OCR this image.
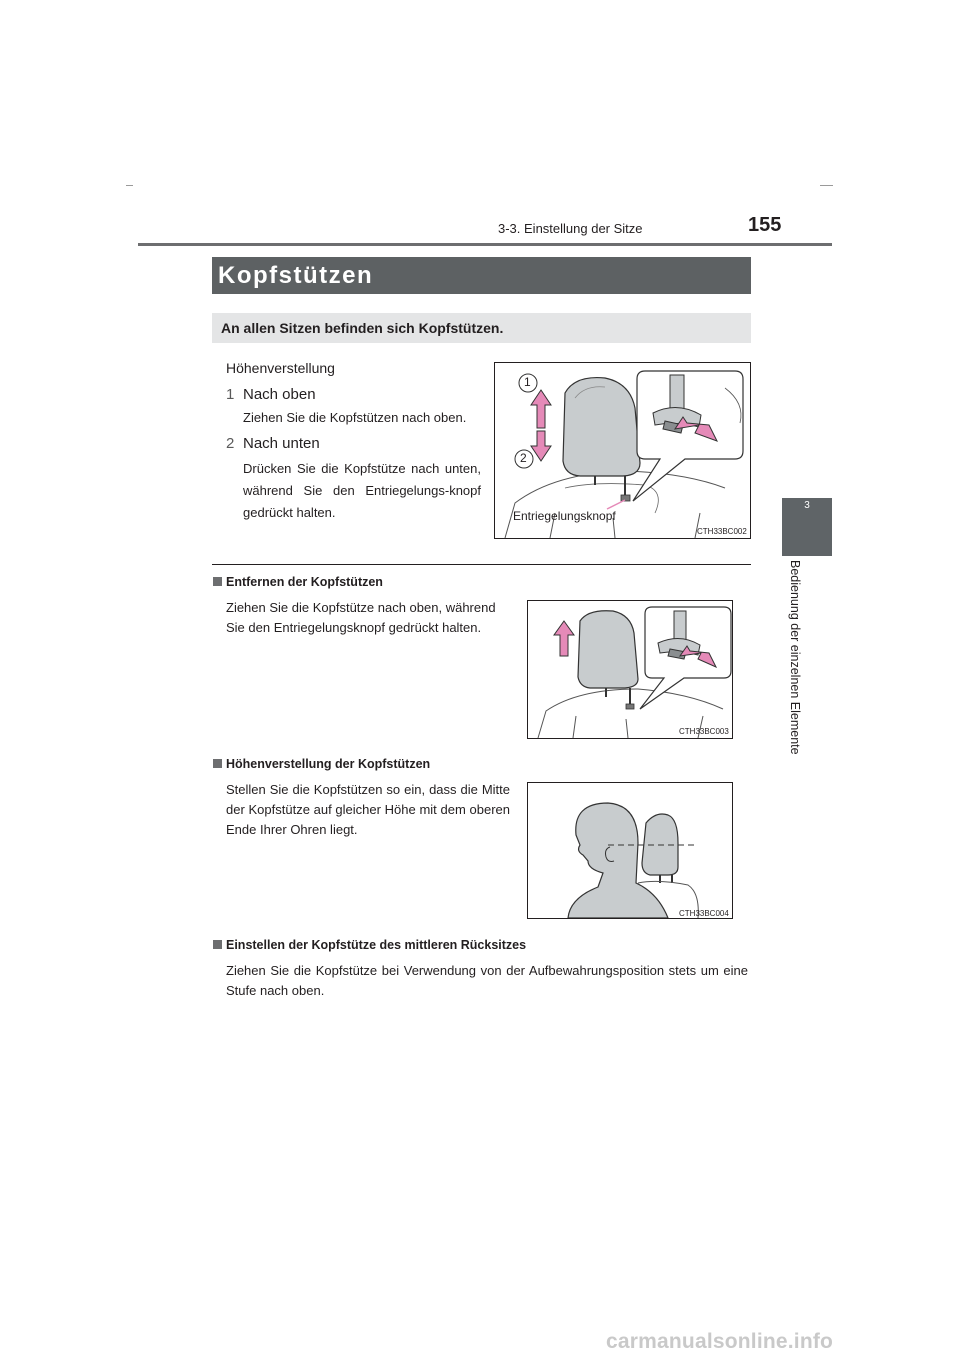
3-3. Einstellung der Sitze	155
3
Bedienung der einzelnen Elemente
Kopfstützen
An allen Sitzen befinden sich Kopfstützen.
Höhenverstellung
1 Nach oben
Ziehen Sie die Kopfstützen nach oben.
2 Nach unten
Drücken Sie die Kopfstütze nach unten, während Sie den Entriegelungs-knopf gedrückt halten.
1
2
Entriegelungsknopf
CTH33BC002
Entfernen der Kopfstützen
Ziehen Sie die Kopfstütze nach oben, während Sie den Entriegelungsknopf gedrückt halten.
CTH33BC003
Höhenverstellung der Kopfstützen
Stellen Sie die Kopfstützen so ein, dass die Mitte der Kopfstütze auf gleicher Höhe mit dem oberen Ende Ihrer Ohren liegt.
CTH33BC004
Einstellen der Kopfstütze des mittleren Rücksitzes
Ziehen Sie die Kopfstütze bei Verwendung von der Aufbewahrungsposition stets um eine Stufe nach oben.
carmanualsonline.info
